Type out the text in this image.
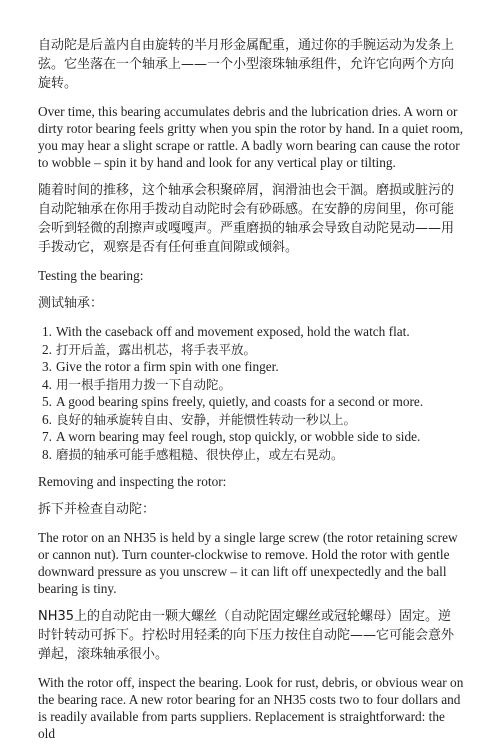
自动陀是后盖内自由旋转的半月形金属配重，通过你的手腕运动为发条上弦。它坐落在一个轴承上——一个小型滚珠轴承组件，允许它向两个方向旋转。

Over time, this bearing accumulates debris and the lubrication dries. A worn or dirty rotor bearing feels gritty when you spin the rotor by hand. In a quiet room, you may hear a slight scrape or rattle. A badly worn bearing can cause the rotor to wobble – spin it by hand and look for any vertical play or tilting.

随着时间的推移，这个轴承会积聚碎屑，润滑油也会干涸。磨损或脏污的自动陀轴承在你用手拨动自动陀时会有砂砾感。在安静的房间里，你可能会听到轻微的刮擦声或嘎嘎声。严重磨损的轴承会导致自动陀晃动——用手拨动它，观察是否有任何垂直间隙或倾斜。

Testing the bearing:

测试轴承：

1. With the caseback off and movement exposed, hold the watch flat.
2. 打开后盖，露出机芯，将手表平放。
3. Give the rotor a firm spin with one finger.
4. 用一根手指用力拨一下自动陀。
5. A good bearing spins freely, quietly, and coasts for a second or more.
6. 良好的轴承旋转自由、安静，并能惯性转动一秒以上。
7. A worn bearing may feel rough, stop quickly, or wobble side to side.
8. 磨损的轴承可能手感粗糙、很快停止，或左右晃动。

Removing and inspecting the rotor:

拆下并检查自动陀：

The rotor on an NH35 is held by a single large screw (the rotor retaining screw or cannon nut). Turn counter-clockwise to remove. Hold the rotor with gentle downward pressure as you unscrew – it can lift off unexpectedly and the ball bearing is tiny.

NH35上的自动陀由一颗大螺丝（自动陀固定螺丝或冠轮螺母）固定。逆时针转动可拆下。拧松时用轻柔的向下压力按住自动陀——它可能会意外弹起，滚珠轴承很小。

With the rotor off, inspect the bearing. Look for rust, debris, or obvious wear on the bearing race. A new rotor bearing for an NH35 costs two to four dollars and is readily available from parts suppliers. Replacement is straightforward: the old
